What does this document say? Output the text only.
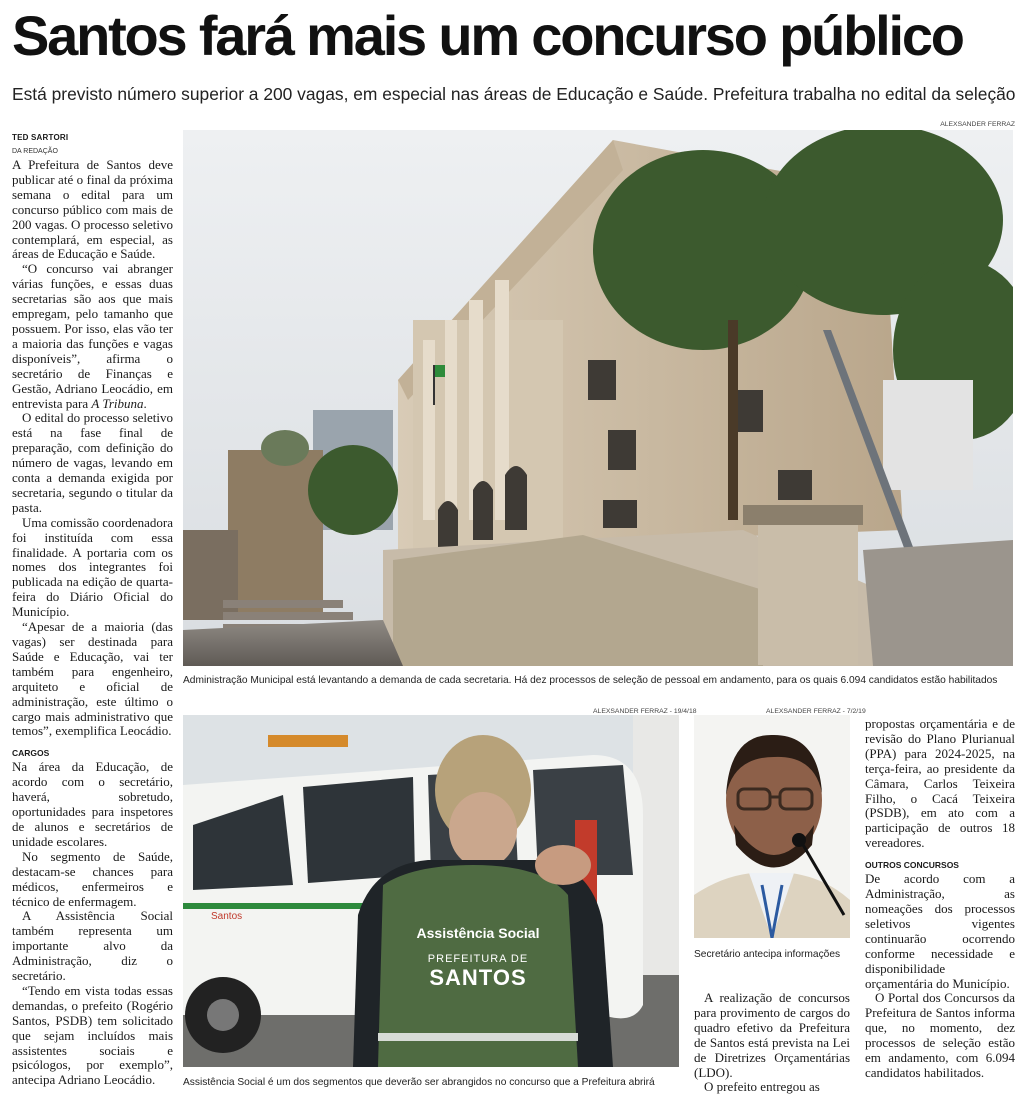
Santos fará mais um concurso público
Está previsto número superior a 200 vagas, em especial nas áreas de Educação e Saúde. Prefeitura trabalha no edital da seleção
TED SARTORI
DA REDAÇÃO

A Prefeitura de Santos deve publicar até o final da próxima semana o edital para um concurso público com mais de 200 vagas. O processo seletivo contemplará, em especial, as áreas de Educação e Saúde.

“O concurso vai abranger várias funções, e essas duas secretarias são aos que mais empregam, pelo tamanho que possuem. Por isso, elas vão ter a maioria das funções e vagas disponíveis”, afirma o secretário de Finanças e Gestão, Adriano Leocádio, em entrevista para A Tribuna.

O edital do processo seletivo está na fase final de preparação, com definição do número de vagas, levando em conta a demanda exigida por secretaria, segundo o titular da pasta.

Uma comissão coordenadora foi instituída com essa finalidade. A portaria com os nomes dos integrantes foi publicada na edição de quarta-feira do Diário Oficial do Município.

“Apesar de a maioria (das vagas) ser destinada para Saúde e Educação, vai ter também para engenheiro, arquiteto e oficial de administração, este último o cargo mais administrativo que temos”, exemplifica Leocádio.

CARGOS

Na área da Educação, de acordo com o secretário, haverá, sobretudo, oportunidades para inspetores de alunos e secretários de unidade escolares.

No segmento de Saúde, destacam-se chances para médicos, enfermeiros e técnico de enfermagem.

A Assistência Social também representa um importante alvo da Administração, diz o secretário.

“Tendo em vista todas essas demandas, o prefeito (Rogério Santos, PSDB) tem solicitado que sejam incluídos mais assistentes sociais e psicólogos, por exemplo”, antecipa Adriano Leocádio.

ALEXSANDER FERRAZ
Administração Municipal está levantando a demanda de cada secretaria. Há dez processos de seleção de pessoal em andamento, para os quais 6.094 candidatos estão habilitados
ALEXSANDER FERRAZ - 19/4/18
Assistência Social
PREFEITURA DE
SANTOS
Santos
Assistência Social é um dos segmentos que deverão ser abrangidos no concurso que a Prefeitura abrirá
ALEXSANDER FERRAZ - 7/2/19
Secretário antecipa informações

A realização de concursos para provimento de cargos do quadro efetivo da Prefeitura de Santos está prevista na Lei de Diretrizes Orçamentárias (LDO).

O prefeito entregou as

propostas orçamentária e de revisão do Plano Plurianual (PPA) para 2024-2025, na terça-feira, ao presidente da Câmara, Carlos Teixeira Filho, o Cacá Teixeira (PSDB), em ato com a participação de outros 18 vereadores.

OUTROS CONCURSOS

De acordo com a Administração, as nomeações dos processos seletivos vigentes continuarão ocorrendo conforme necessidade e disponibilidade orçamentária do Município.

O Portal dos Concursos da Prefeitura de Santos informa que, no momento, dez processos de seleção estão em andamento, com 6.094 candidatos habilitados.
